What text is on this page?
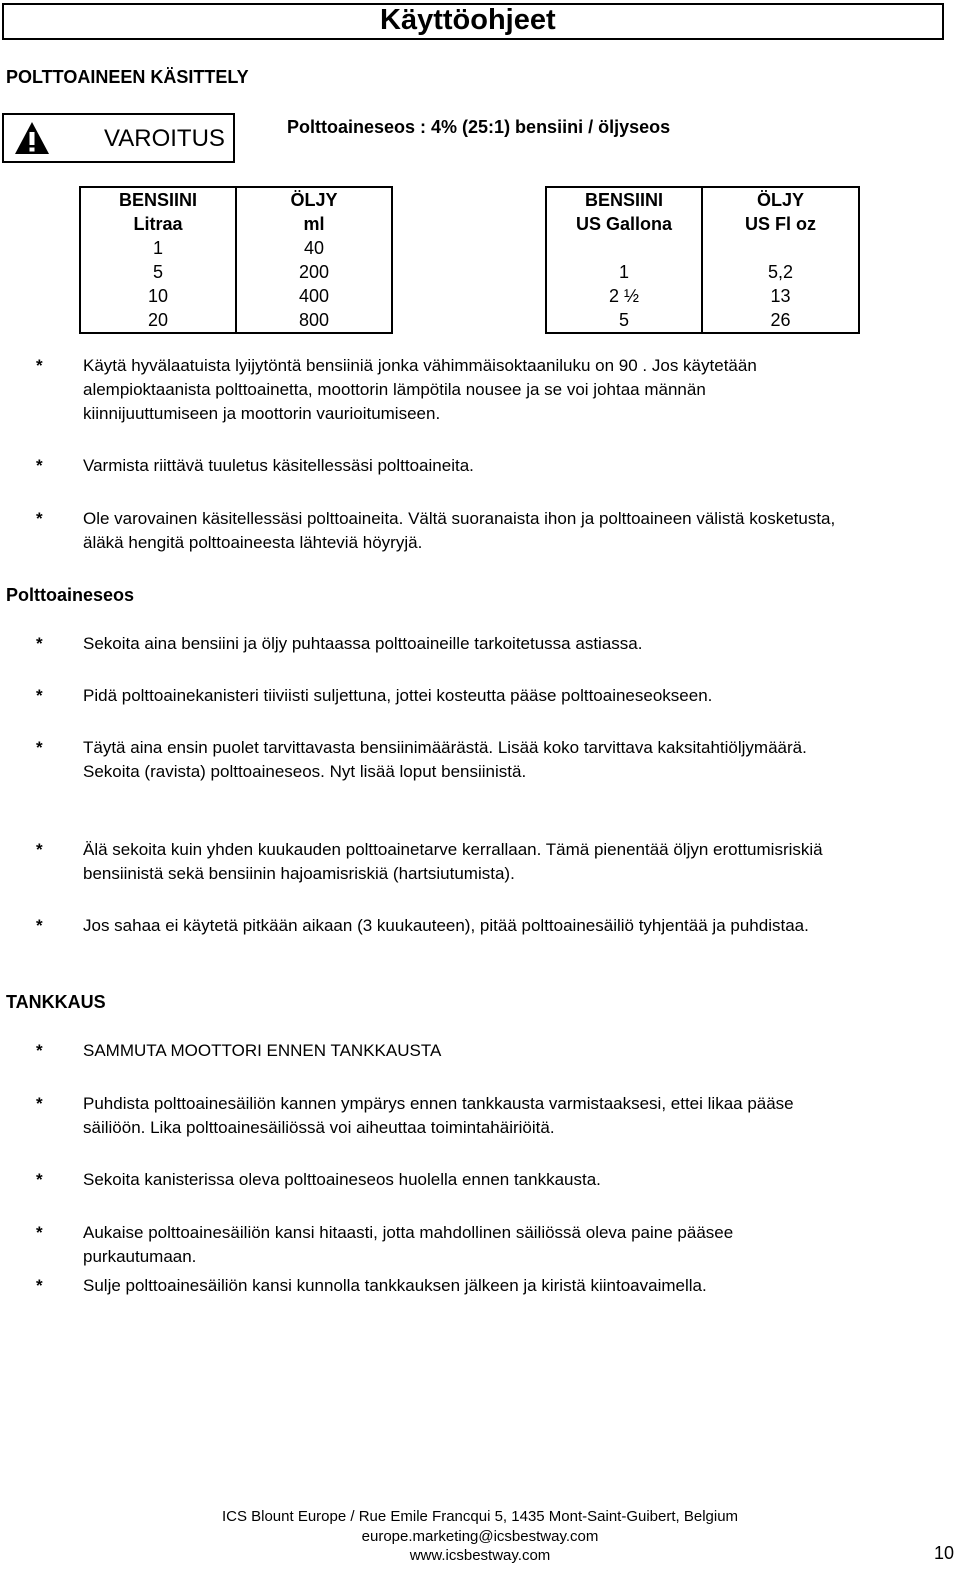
Käyttöohjeet
POLTTOAINEEN KÄSITTELY
VAROITUS	Polttoaineseos : 4% (25:1) bensiini / öljyseos
BENSIINI	ÖLJY
Litraa	ml
1	40
5	200
10	400
20	800
BENSIINI	ÖLJY
US Gallona	US Fl oz

1	5,2
2 ½	13
5	26
* Käytä hyvälaatuista lyijytöntä bensiiniä jonka vähimmäisoktaaniluku on 90 . Jos käytetään
alempioktaanista polttoainetta, moottorin lämpötila nousee ja se voi johtaa männän
kiinnijuuttumiseen ja moottorin vaurioitumiseen.
* Varmista riittävä tuuletus käsitellessäsi polttoaineita.
* Ole varovainen käsitellessäsi polttoaineita. Vältä suoranaista ihon ja polttoaineen välistä kosketusta,
äläkä hengitä polttoaineesta lähteviä höyryjä.
Polttoaineseos
* Sekoita aina bensiini ja öljy puhtaassa polttoaineille tarkoitetussa astiassa.
* Pidä polttoainekanisteri tiiviisti suljettuna, jottei kosteutta pääse polttoaineseokseen.
* Täytä aina ensin puolet tarvittavasta bensiinimäärästä. Lisää koko tarvittava kaksitahtiöljymäärä.
Sekoita (ravista) polttoaineseos. Nyt lisää loput bensiinistä.
* Älä sekoita kuin yhden kuukauden polttoainetarve kerrallaan. Tämä pienentää öljyn erottumisriskiä
bensiinistä sekä bensiinin hajoamisriskiä (hartsiutumista).
* Jos sahaa ei käytetä pitkään aikaan (3 kuukauteen), pitää polttoainesäiliö tyhjentää ja puhdistaa.
TANKKAUS
* SAMMUTA MOOTTORI ENNEN TANKKAUSTA
* Puhdista polttoainesäiliön kannen ympärys ennen tankkausta varmistaaksesi, ettei likaa pääse
säiliöön. Lika polttoainesäiliössä voi aiheuttaa toimintahäiriöitä.
* Sekoita kanisterissa oleva polttoaineseos huolella ennen tankkausta.
* Aukaise polttoainesäiliön kansi hitaasti, jotta mahdollinen säiliössä oleva paine pääsee
purkautumaan.
* Sulje polttoainesäiliön kansi kunnolla tankkauksen jälkeen ja kiristä kiintoavaimella.
ICS Blount Europe / Rue Emile Francqui 5, 1435 Mont-Saint-Guibert, Belgium
europe.marketing@icsbestway.com
www.icsbestway.com	10
